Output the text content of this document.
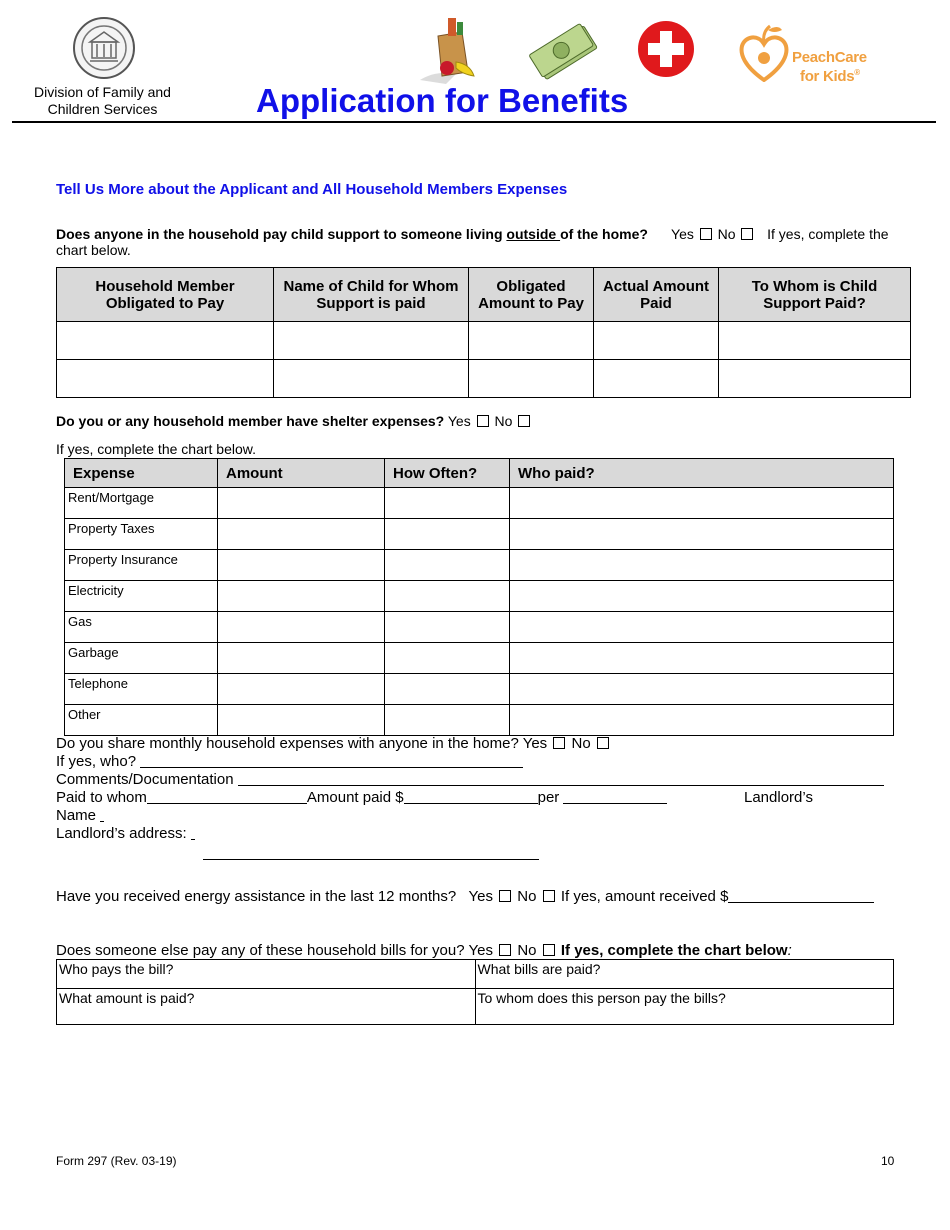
Division of Family and
Children Services
PeachCare
for Kids®
Application for Benefits
Tell Us More about the Applicant and All Household Members Expenses
Does anyone in the household pay child support to someone living outside of the home? Yes No If yes, complete the chart below.
Household Member Obligated to Pay	Name of Child for Whom Support is paid	Obligated Amount to Pay	Actual Amount Paid	To Whom is Child Support Paid?

Do you or any household member have shelter expenses? Yes No
If yes, complete the chart below.
Expense	Amount	How Often?	Who paid?
Rent/Mortgage			
Property Taxes			
Property Insurance			
Electricity			
Gas			
Garbage			
Telephone			
Other			
Do you share monthly household expenses with anyone in the home? Yes No
If yes, who?
Comments/Documentation
Paid to whom	Amount paid $	per	Landlord’s
Name
Landlord’s address:
Have you received energy assistance in the last 12 months? Yes No If yes, amount received $
Does someone else pay any of these household bills for you? Yes No If yes, complete the chart below:
Who pays the bill?	What bills are paid?
What amount is paid?	To whom does this person pay the bills?
Form 297 (Rev. 03-19)	10
